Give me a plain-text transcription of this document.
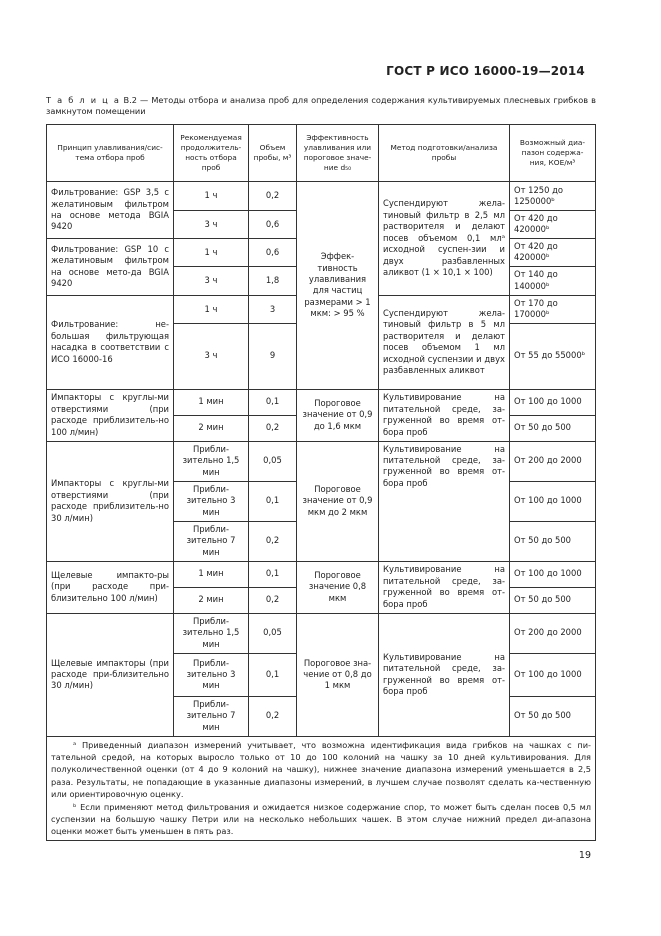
ГОСТ Р ИСО 16000-19—2014
Т а б л и ц а В.2 — Методы отбора и анализа проб для определения содержания культивируемых плесневых грибков в замкнутом помещении
Принцип улавливания/сис-тема отбора проб	Рекомендуемая продолжитель-ность отбора проб	Объем пробы, м³	Эффективность улавливания или пороговое значе-ние d₅₀	Метод подготовки/анализа пробы	Возможный диа-пазон содержа-ния, КОЕ/м³
Фильтрование: GSP 3,5 с желатиновым фильтром на основе метода BGIA 9420	1 ч	0,2	Эффек-тивность улавливания для частиц размерами > 1 мкм: > 95 %	Суспендируют жела-тиновый фильтр в 2,5 мл растворителя и делают посев объемом 0,1 млᵃ исходной суспен-зии и двух разбавленных аликвот (1 × 10,1 × 100)	От 1250 до 1250000ᵇ
	3 ч	0,6			От 420 до 420000ᵇ
Фильтрование: GSP 10 с желатиновым фильтром на основе мето-да BGIA 9420	1 ч	0,6			От 420 до 420000ᵇ
	3 ч	1,8			От 140 до 140000ᵇ
Фильтрование: не-большая фильтрующая насадка в соответствии с ИСО 16000-16	1 ч	3		Суспендируют жела-тиновый фильтр в 5 мл растворителя и делают посев объемом 1 мл исходной суспензии и двух разбавленных аликвот	От 170 до 170000ᵇ
	3 ч	9			От 55 до 55000ᵇ
Импакторы с круглы-ми отверстиями (при расходе приблизитель-но 100 л/мин)	1 мин	0,1	Пороговое значение от 0,9 до 1,6 мкм	Культивирование на питательной среде, за-груженной во время от-бора проб	От 100 до 1000
	2 мин	0,2			От 50 до 500
Импакторы с круглы-ми отверстиями (при расходе приблизитель-но 30 л/мин)	Прибли-зительно 1,5 мин	0,05	Пороговое значение от 0,9 мкм до 2 мкм	Культивирование на питательной среде, за-груженной во время от-бора проб	От 200 до 2000
	Прибли-зительно 3 мин	0,1			От 100 до 1000
	Прибли-зительно 7 мин	0,2			От 50 до 500
Щелевые импакто-ры (при расходе при-близительно 100 л/мин)	1 мин	0,1	Пороговое значение 0,8 мкм	Культивирование на питательной среде, за-груженной во время от-бора проб	От 100 до 1000
	2 мин	0,2			От 50 до 500
Щелевые импакторы (при расходе при-близительно 30 л/мин)	Прибли-зительно 1,5 мин	0,05	Пороговое зна-чение от 0,8 до 1 мкм	Культивирование на питательной среде, за-груженной во время от-бора проб	От 200 до 2000
	Прибли-зительно 3 мин	0,1			От 100 до 1000
	Прибли-зительно 7 мин	0,2			От 50 до 500

ᵃ Приведенный диапазон измерений учитывает, что возможна идентификация вида грибков на чашках с пи-тательной средой, на которых выросло только от 10 до 100 колоний на чашку за 10 дней культивирования. Для полуколичественной оценки (от 4 до 9 колоний на чашку), нижнее значение диапазона измерений уменьшается в 2,5 раза. Результаты, не попадающие в указанные диапазоны измерений, в лучшем случае позволят сделать ка-чественную или ориентировочную оценку.

ᵇ Если применяют метод фильтрования и ожидается низкое содержание спор, то может быть сделан посев 0,5 мл суспензии на большую чашку Петри или на несколько небольших чашек. В этом случае нижний предел ди-апазона оценки может быть уменьшен в пять раз.					

19
